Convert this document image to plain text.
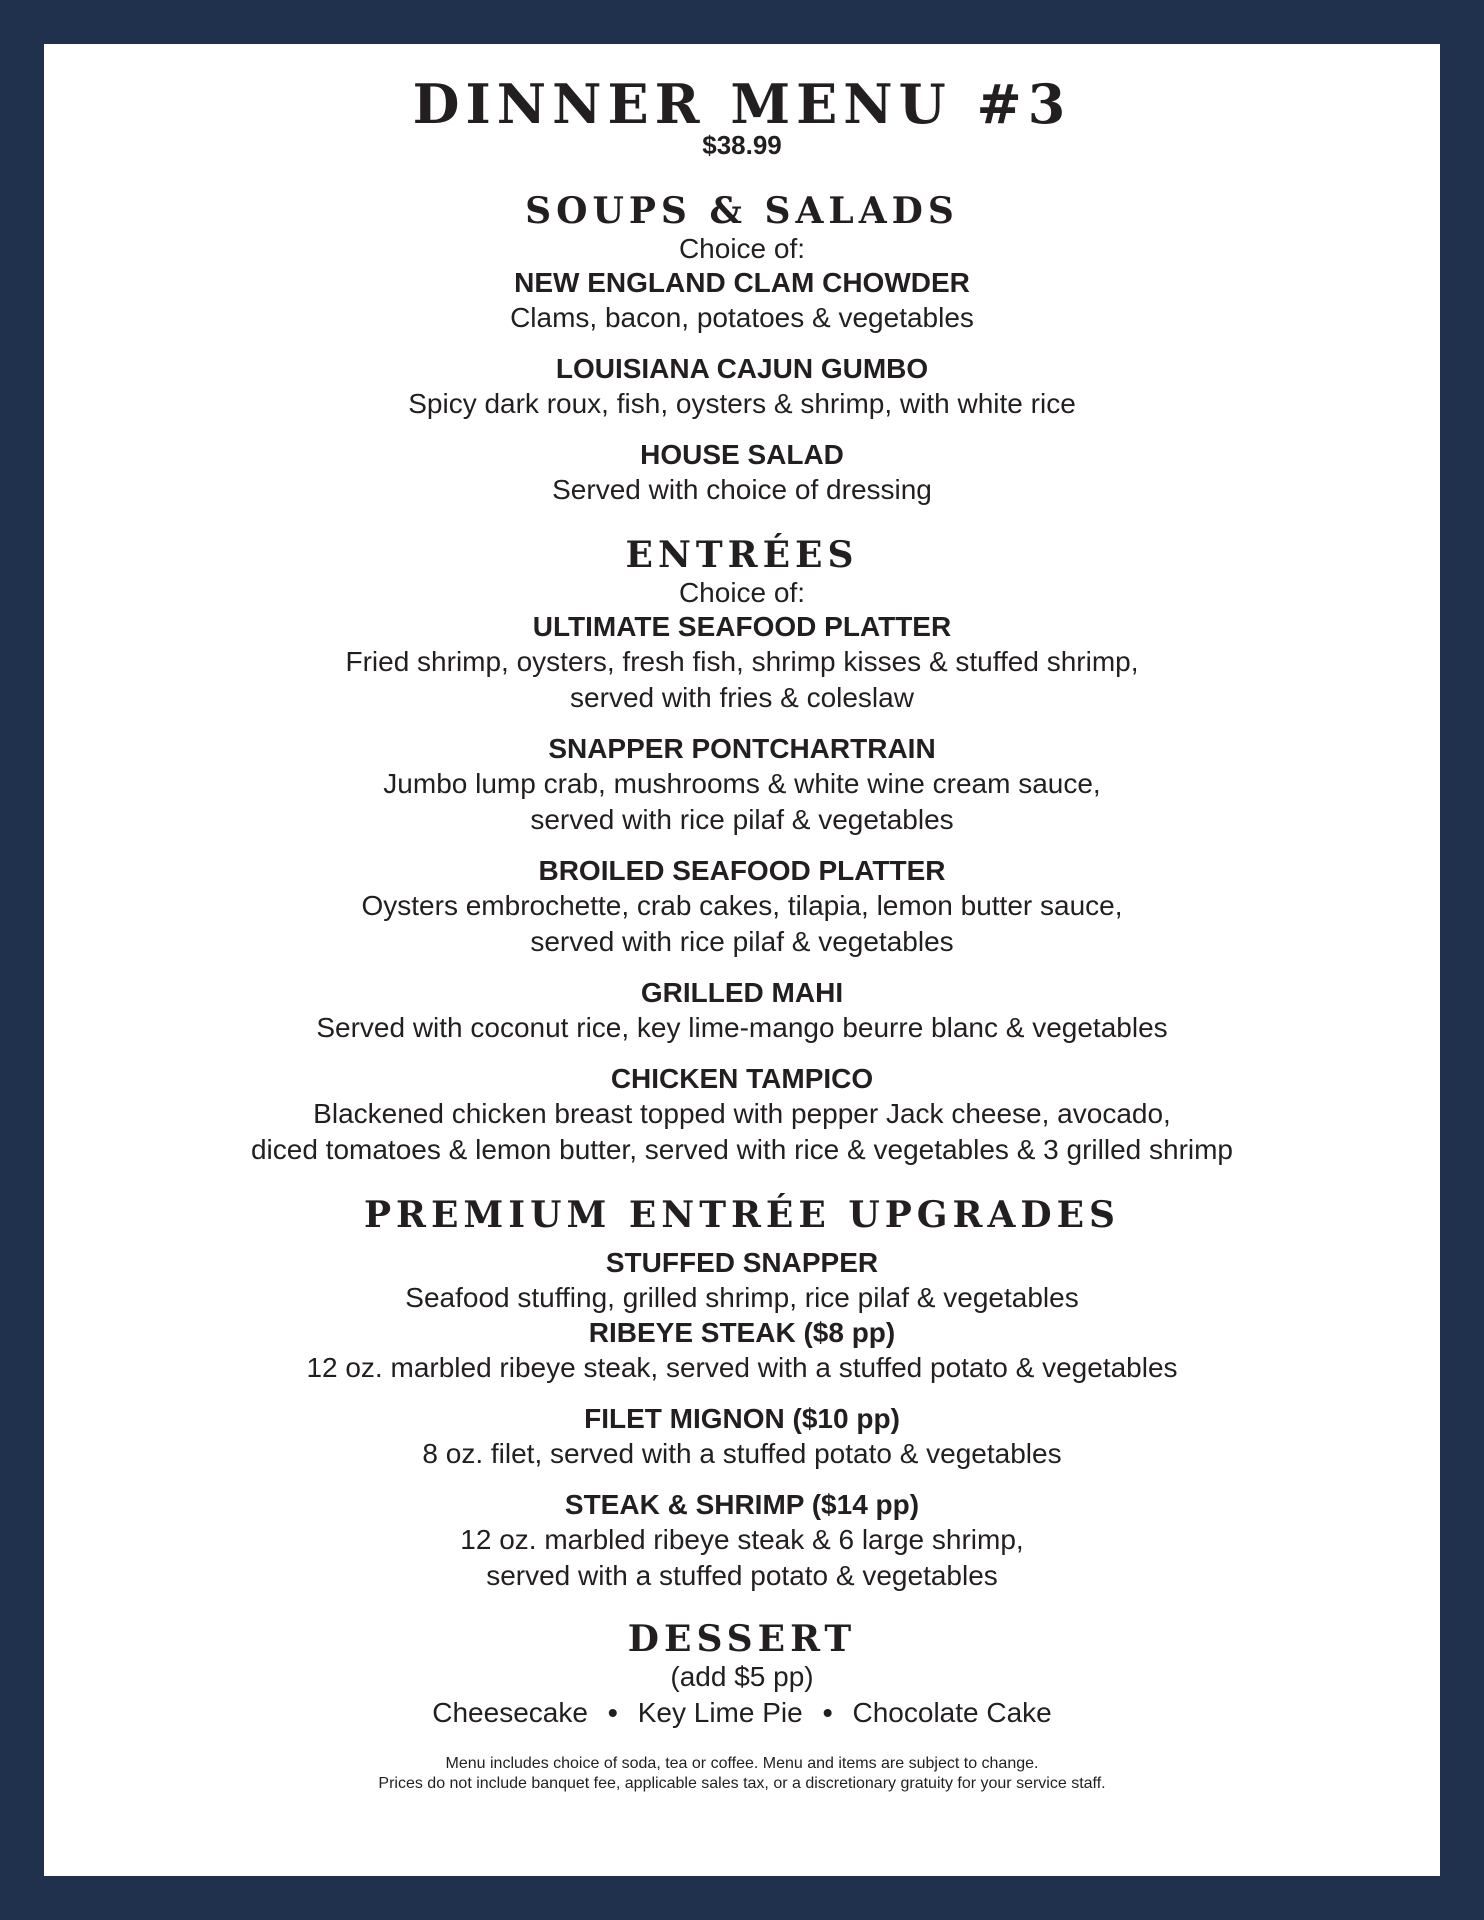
DINNER MENU #3
$38.99
SOUPS & SALADS
Choice of:
NEW ENGLAND CLAM CHOWDER
Clams, bacon, potatoes & vegetables
LOUISIANA CAJUN GUMBO
Spicy dark roux, fish, oysters & shrimp, with white rice
HOUSE SALAD
Served with choice of dressing
ENTRÉES
Choice of:
ULTIMATE SEAFOOD PLATTER
Fried shrimp, oysters, fresh fish, shrimp kisses & stuffed shrimp,
served with fries & coleslaw
SNAPPER PONTCHARTRAIN
Jumbo lump crab, mushrooms & white wine cream sauce,
served with rice pilaf & vegetables
BROILED SEAFOOD PLATTER
Oysters embrochette, crab cakes, tilapia, lemon butter sauce,
served with rice pilaf & vegetables
GRILLED MAHI
Served with coconut rice, key lime-mango beurre blanc & vegetables
CHICKEN TAMPICO
Blackened chicken breast topped with pepper Jack cheese, avocado,
diced tomatoes & lemon butter, served with rice & vegetables & 3 grilled shrimp
PREMIUM ENTRÉE UPGRADES
STUFFED SNAPPER
Seafood stuffing, grilled shrimp, rice pilaf & vegetables
RIBEYE STEAK ($8 pp)
12 oz. marbled ribeye steak, served with a stuffed potato & vegetables
FILET MIGNON ($10 pp)
8 oz. filet, served with a stuffed potato & vegetables
STEAK & SHRIMP ($14 pp)
12 oz. marbled ribeye steak & 6 large shrimp,
served with a stuffed potato & vegetables
DESSERT
(add $5 pp)
Cheesecake • Key Lime Pie • Chocolate Cake
Menu includes choice of soda, tea or coffee. Menu and items are subject to change.
Prices do not include banquet fee, applicable sales tax, or a discretionary gratuity for your service staff.
